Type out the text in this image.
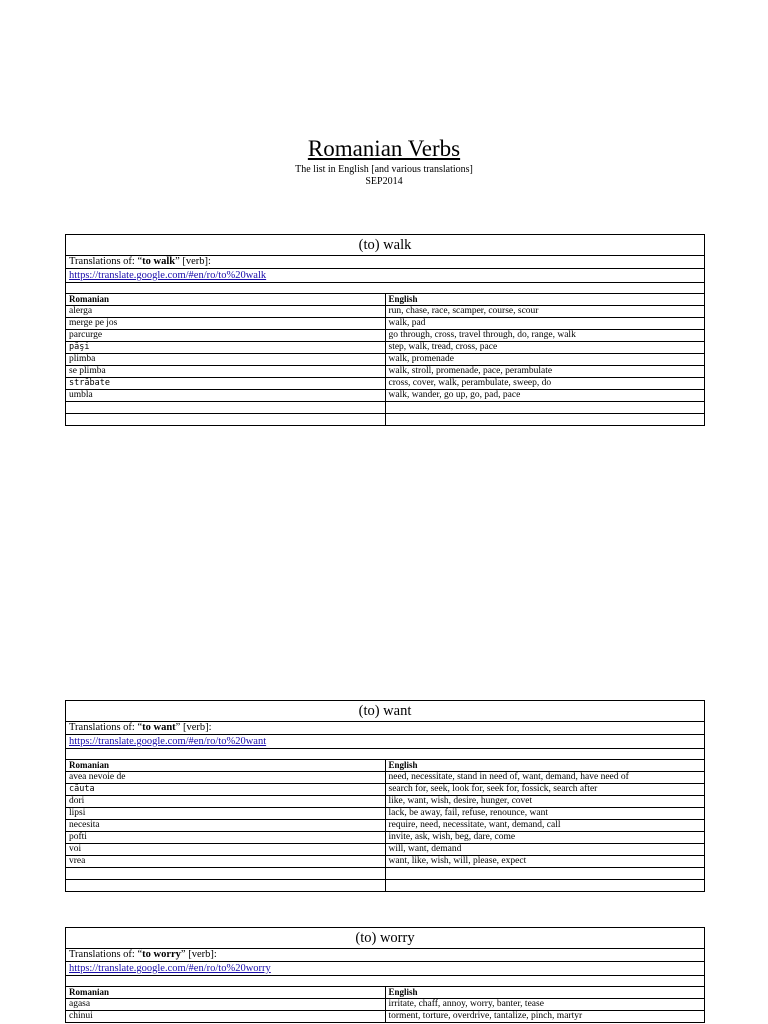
Romanian Verbs
The list in English [and various translations]
SEP2014
(to) walk	
Translations of: “to walk” [verb]:	
https://translate.google.com/#en/ro/to%20walk	

Romanian	English
alerga	run, chase, race, scamper, course, scour
merge pe jos	walk, pad
parcurge	go through, cross, travel through, do, range, walk
păşi	step, walk, tread, cross, pace
plimba	walk, promenade
se plimba	walk, stroll, promenade, pace, perambulate
străbate	cross, cover, walk, perambulate, sweep, do
umbla	walk, wander, go up, go, pad, pace

(to) want	
Translations of: “to want” [verb]:	
https://translate.google.com/#en/ro/to%20want	

Romanian	English
avea nevoie de	need, necessitate, stand in need of, want, demand, have need of
căuta	search for, seek, look for, seek for, fossick, search after
dori	like, want, wish, desire, hunger, covet
lipsi	lack, be away, fail, refuse, renounce, want
necesita	require, need, necessitate, want, demand, call
pofti	invite, ask, wish, beg, dare, come
voi	will, want, demand
vrea	want, like, wish, will, please, expect

(to) worry	
Translations of: “to worry” [verb]:	
https://translate.google.com/#en/ro/to%20worry	

Romanian	English
agasa	irritate, chaff, annoy, worry, banter, tease
chinui	torment, torture, overdrive, tantalize, pinch, martyr
